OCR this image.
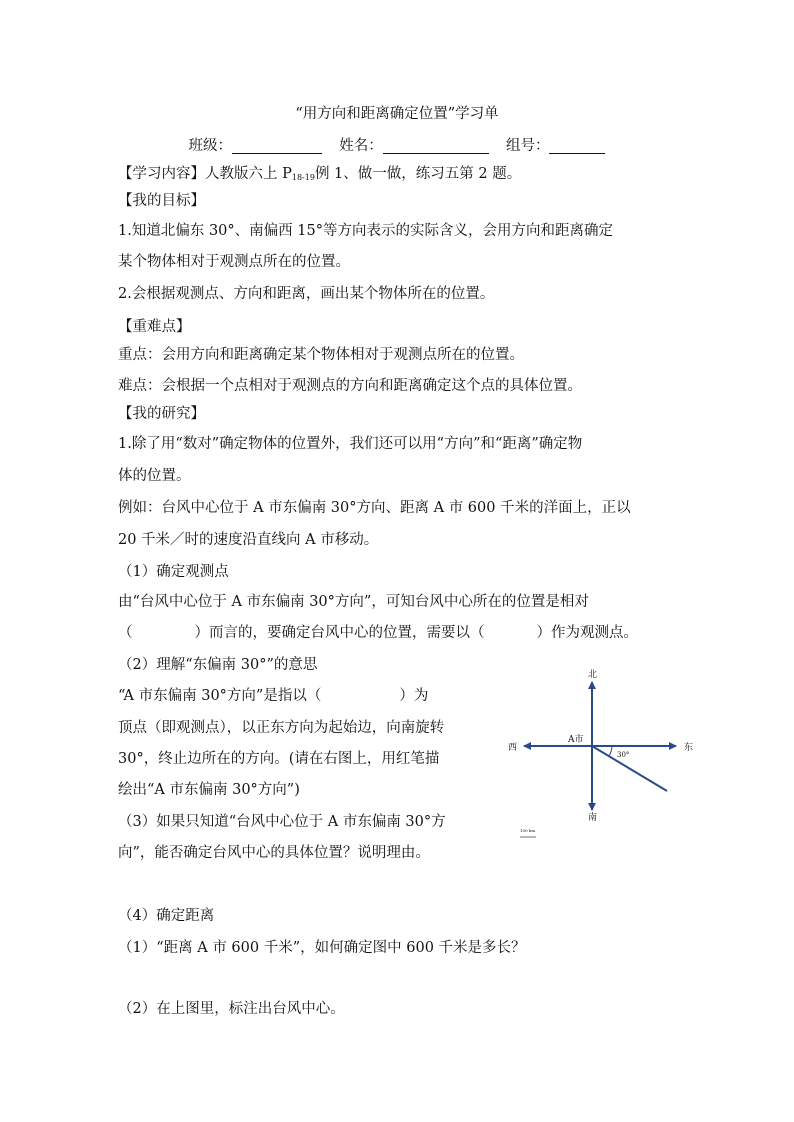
“用方向和距离确定位置”学习单
班级：	姓名：	组号：
【学习内容】人教版六上 $P_{18-19}$例 1、做一做，练习五第 2 题。
【我的目标】
1.知道北偏东 30°、南偏西 15°等方向表示的实际含义，会用方向和距离确定
某个物体相对于观测点所在的位置。
2.会根据观测点、方向和距离，画出某个物体所在的位置。
【重难点】
重点：会用方向和距离确定某个物体相对于观测点所在的位置。
难点：会根据一个点相对于观测点的方向和距离确定这个点的具体位置。
【我的研究】
1.除了用“数对”确定物体的位置外，我们还可以用“方向”和“距离”确定物
体的位置。
例如：台风中心位于 A 市东偏南 30°方向、距离 A 市 600 千米的洋面上，正以
20 千米／时的速度沿直线向 A 市移动。
（1）确定观测点
由“台风中心位于 A 市东偏南 30°方向”，可知台风中心所在的位置是相对
（	）而言的，要确定台风中心的位置，需要以（	）作为观测点。
（2）理解“东偏南 30°”的意思
“A 市东偏南 30°方向”是指以（	）为
顶点（即观测点），以正东方向为起始边，向南旋转
30°，终止边所在的方向。(请在右图上，用红笔描
绘出“A 市东偏南 30°方向”)
（3）如果只知道“台风中心位于 A 市东偏南 30°方
向”，能否确定台风中心的具体位置？说明理由。
（4）确定距离
（1）“距离 A 市 600 千米”，如何确定图中 600 千米是多长？
（2）在上图里，标注出台风中心。
北
南
西	东
A市
30°
100 km
